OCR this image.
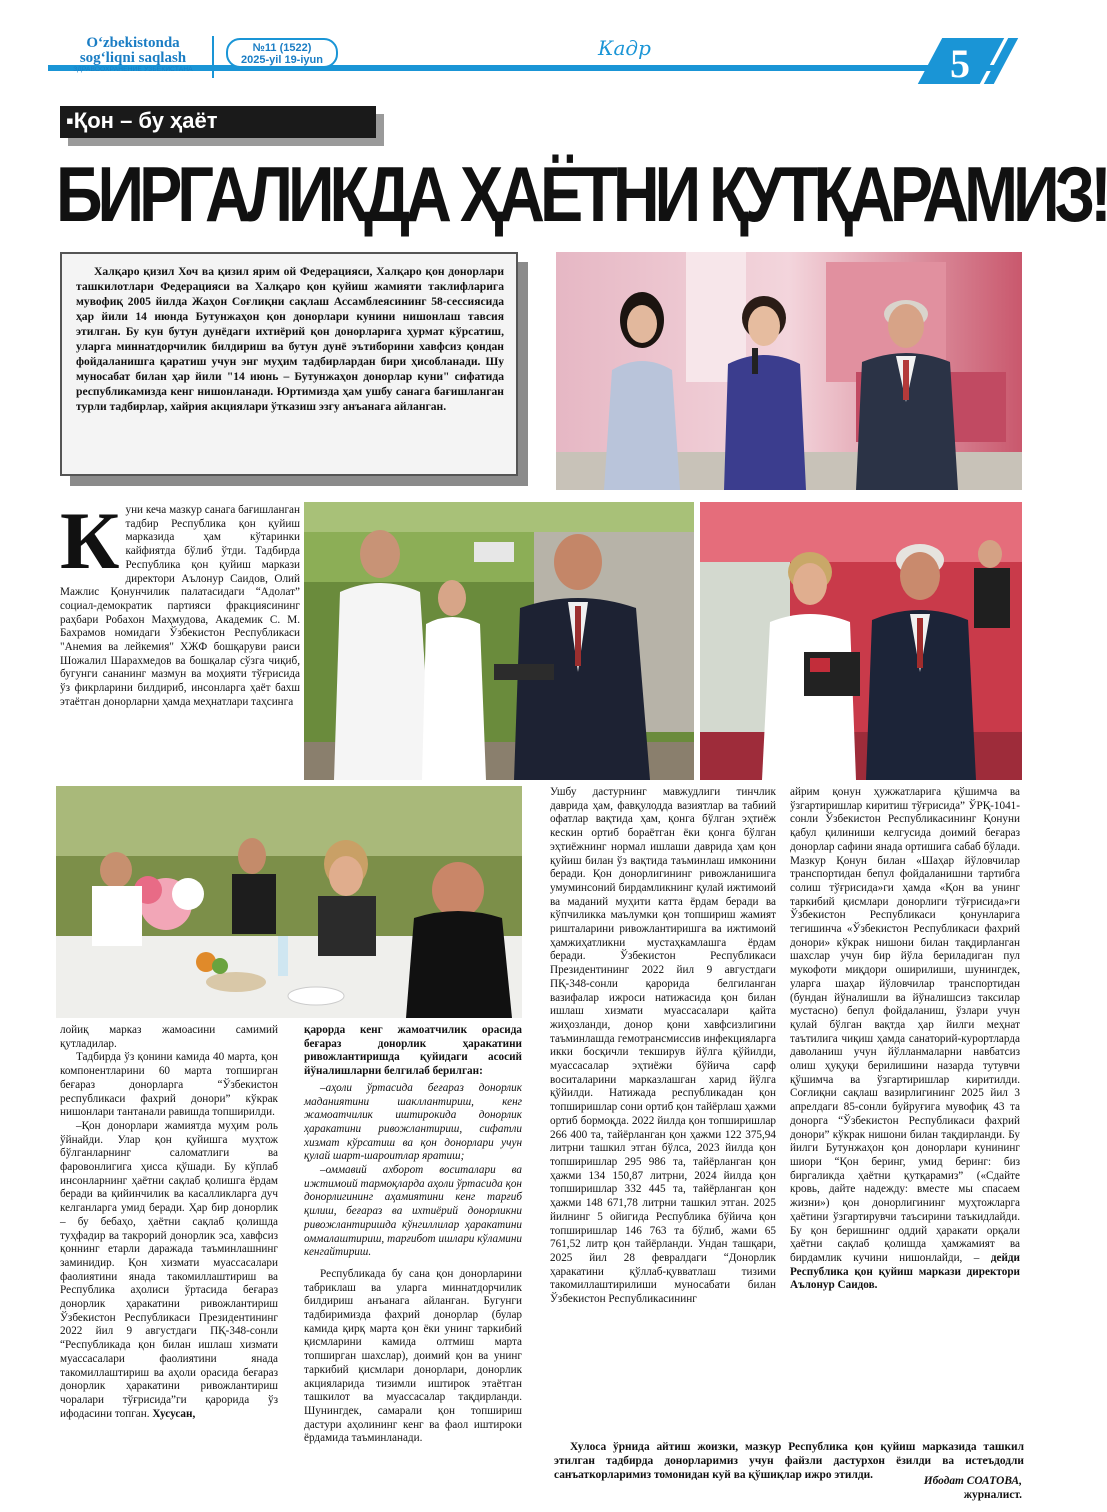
O‘zbekistonda
sog‘liqni saqlash
ЗДРАВООХРАНЕНИЕ УЗБЕКИСТАНА
№11 (1522)
2025-yil 19-iyun	Кадр	5
▪Қон – бу ҳаёт
БИРГАЛИКДА ҲАЁТНИ ҚУТҚАРАМИЗ!

Халқаро қизил Хоч ва қизил ярим ой Федерацияси, Халқаро қон донорлари ташкилотлари Федерацияси ва Халқаро қон қуйиш жамияти таклифларига мувофиқ 2005 йилда Жаҳон Соғлиқни сақлаш Ассамблеясининг 58-сессиясида ҳар йили 14 июнда Бутунжаҳон қон донорлари кунини нишонлаш тавсия этилган. Бу кун бутун дунёдаги ихтиёрий қон донорларига ҳурмат кўрсатиш, уларга миннатдорчилик билдириш ва бутун дунё эътиборини хавфсиз қондан фойдаланишга қаратиш учун энг муҳим тадбирлардан бири ҳисобланади. Шу муносабат билан ҳар йили "14 июнь – Бутунжаҳон донорлар куни" сифатида республикамизда кенг нишонланади. Юртимизда ҳам ушбу санага бағишланган турли тадбирлар, хайрия акциялари ўтказиш эзгу анъанага айланган.

К уни кеча мазкур санага бағишланган тадбир Республика қон қуйиш марказида ҳам кўтаринки кайфиятда бўлиб ўтди. Тадбирда Республика қон қуйиш маркази директори Аълонур Саидов, Олий Мажлис Қонунчилик палатасидаги “Адолат” социал-демократик партияси фракциясининг раҳбари Робахон Маҳмудова, Академик С. М. Бахрамов номидаги Ўзбекистон Республикаси "Анемия ва лейкемия" ХЖФ бошқаруви раиси Шожалил Шарахмедов ва бошқалар сўзга чиқиб, бугунги сананинг мазмун ва моҳияти тўғрисида ўз фикрларини билдириб, инсонларга ҳаёт бахш этаётган донорларни ҳамда меҳнатлари таҳсинга

лойиқ марказ жамоасини самимий қутладилар.

Тадбирда ўз қонини камида 40 марта, қон компонентларини 60 марта топширган беғараз донорларга “Ўзбекистон республикаси фахрий донори” кўкрак нишонлари тантанали равишда топширилди.

–Қон донорлари жамиятда муҳим роль ўйнайди. Улар қон қуйишга муҳтож бўлганларнинг саломатлиги ва фаровонлигига ҳисса қўшади. Бу кўплаб инсонларнинг ҳаётни сақлаб қолишга ёрдам беради ва қийинчилик ва касалликларга дуч келганларга умид беради. Ҳар бир донорлик – бу бебаҳо, ҳаётни сақлаб қолишда туҳфадир ва такрорий донорлик эса, хавфсиз қоннинг етарли даражада таъминлашнинг заминидир. Қон хизмати муассасалари фаолиятини янада такомиллаштириш ва Республика аҳолиси ўртасида беғараз донорлик ҳаракатини ривожлантириш Ўзбекистон Республикаси Президентининг 2022 йил 9 августдаги ПҚ-348-сонли “Республикада қон билан ишлаш хизмати муассасалари фаолиятини янада такомиллаштириш ва аҳоли орасида беғараз донорлик ҳаракатини ривожлантириш чоралари тўғрисида”ги қарорида ўз ифодасини топган. Хусусан,

қарорда кенг жамоатчилик орасида беғараз донорлик ҳаракатини ривожлантиришда қуйидаги асосий йўналишларни белгилаб берилган:

–аҳоли ўртасида беғараз донорлик маданиятини шакллантириш, кенг жамоатчилик иштирокида донорлик ҳаракатини ривожлантириш, сифатли хизмат кўрсатиш ва қон донорлари учун қулай шарт-шароитлар яратиш;

–оммавий ахборот воситалари ва ижтимоий тармоқларда аҳоли ўртасида қон донорлигининг аҳамиятини кенг тарғиб қилиш, беғараз ва ихтиёрий донорликни ривожлантиришда кўнгиллилар ҳаракатини оммалаштириш, тарғибот ишлари кўламини кенгайтириш.

Республикада бу сана қон донорларини табриклаш ва уларга миннатдорчилик билдириш анъанага айланган. Бугунги тадбиримизда фахрий донорлар (булар камида қирқ марта қон ёки унинг таркибий қисмларини камида олтмиш марта топширган шахслар), доимий қон ва унинг таркибий қисмлари донорлари, донорлик акцияларида тизимли иштирок этаётган ташкилот ва муассасалар тақдирланди. Шунингдек, самарали қон топшириш дастури аҳолининг кенг ва фаол иштироки ёрдамида таъминланади.

Ушбу дастурнинг мавжудлиги тинчлик даврида ҳам, фавқулодда вазиятлар ва табиий офатлар вақтида ҳам, қонга бўлган эҳтиёж кескин ортиб бораётган ёки қонга бўлган эҳтиёжнинг нормал ишлаши даврида ҳам қон қуйиш билан ўз вақтида таъминлаш имконини беради. Қон донорлигининг ривожланишига умуминсоний бирдамликнинг қулай ижтимоий ва маданий муҳити катта ёрдам беради ва кўпчиликка маълумки қон топшириш жамият риштaларини ривожлантиришга ва ижтимоий ҳамжиҳатликни мустаҳкамлашга ёрдам беради. Ўзбекистон Республикаси Президентининг 2022 йил 9 августдаги ПҚ-348-сонли қарорида белгиланган вазифалар ижроси натижасида қон билан ишлаш хизмати муассасалари қайта жиҳозланди, донор қони хавфсизлигини таъминлашда гемотрансмиссив инфекцияларга икки босқичли текширув йўлга қўйилди, муассасалар эҳтиёжи бўйича сарф воситаларини марказлашган харид йўлга қўйилди. Натижада республикадан қон топширишлар сони ортиб қон тайёрлаш ҳажми ортиб бормоқда. 2022 йилда қон топширишлар 266 400 та, тайёрланган қон ҳажми 122 375,94 литрни ташкил этган бўлса, 2023 йилда қон топширишлар 295 986 та, тайёрланган қон ҳажми 134 150,87 литрни, 2024 йилда қон топширишлар 332 445 та, тайёрланган қон ҳажми 148 671,78 литрни ташкил этган. 2025 йилнинг 5 ойигида Республика бўйича қон топширишлар 146 763 та бўлиб, жами 65 761,52 литр қон тайёрланди. Ундан ташқари, 2025 йил 28 февралдаги “Донорлик ҳаракатини қўллаб-қувватлаш тизими такомиллаштирилиши муносабати билан Ўзбекистон Республикасининг

айрим қонун ҳужжатларига қўшимча ва ўзгартиришлар киритиш тўғрисида” ЎРҚ-1041-сонли Ўзбекистон Республикасининг Қонуни қабул қилиниши келгусида доимий беғараз донорлар сафини янада ортишига сабаб бўлади. Мазкур Қонун билан «Шаҳар йўловчилар транспортидан бепул фойдаланишни тартибга солиш тўғрисида»ги ҳамда «Қон ва унинг таркибий қисмлари донорлиги тўғрисида»ги Ўзбекистон Республикаси қонунларига тегишинча «Ўзбекистон Республикаси фахрий донори» кўкрак нишони билан тақдирланган шахслар учун бир йўла бериладиган пул мукофоти миқдори оширилиши, шунингдек, уларга шаҳар йўловчилар транспортидан (бундан йўналишли ва йўналишсиз таксилар мустасно) бепул фойдаланиш, ўзлари учун қулай бўлган вақтда ҳар йилги меҳнат таътилига чиқиш ҳамда санаторий-курортларда даволаниш учун йўлланмаларни навбатсиз олиш ҳуқуқи берилишини назарда тутувчи қўшимча ва ўзгартиришлар киритилди. Соғлиқни сақлаш вазирлигининг 2025 йил 3 апрелдаги 85-сонли буйруғига мувофиқ 43 та донорга “Ўзбекистон Республикаси фахрий донори” кўкрак нишони билан тақдирланди. Бу йилги Бутунжаҳон қон донорлари кунининг шиори “Қон беринг, умид беринг: биз биргаликда ҳаётни қутқарамиз” («Сдайте кровь, дайте надежду: вместе мы спасаем жизни») қон донорлигининг муҳтожларга ҳаётини ўзгартирувчи таъсирини таъкидлайди. Бу қон беришнинг оддий ҳаракати орқали ҳаётни сақлаб қолишда ҳамжамият ва бирдамлик кучини нишонлайди, – дейди Республика қон қуйиш маркази директори Аълонур Саидов.

Хулоса ўрнида айтиш жоизки, мазкур Республика қон қуйиш марказида ташкил этилган тадбирда донорларимиз учун файзли дастурхон ёзилди ва истеъдодли санъаткорларимиз томонидан куй ва қўшиқлар ижро этилди.	Ибодат СОАТОВА,
журналист.
